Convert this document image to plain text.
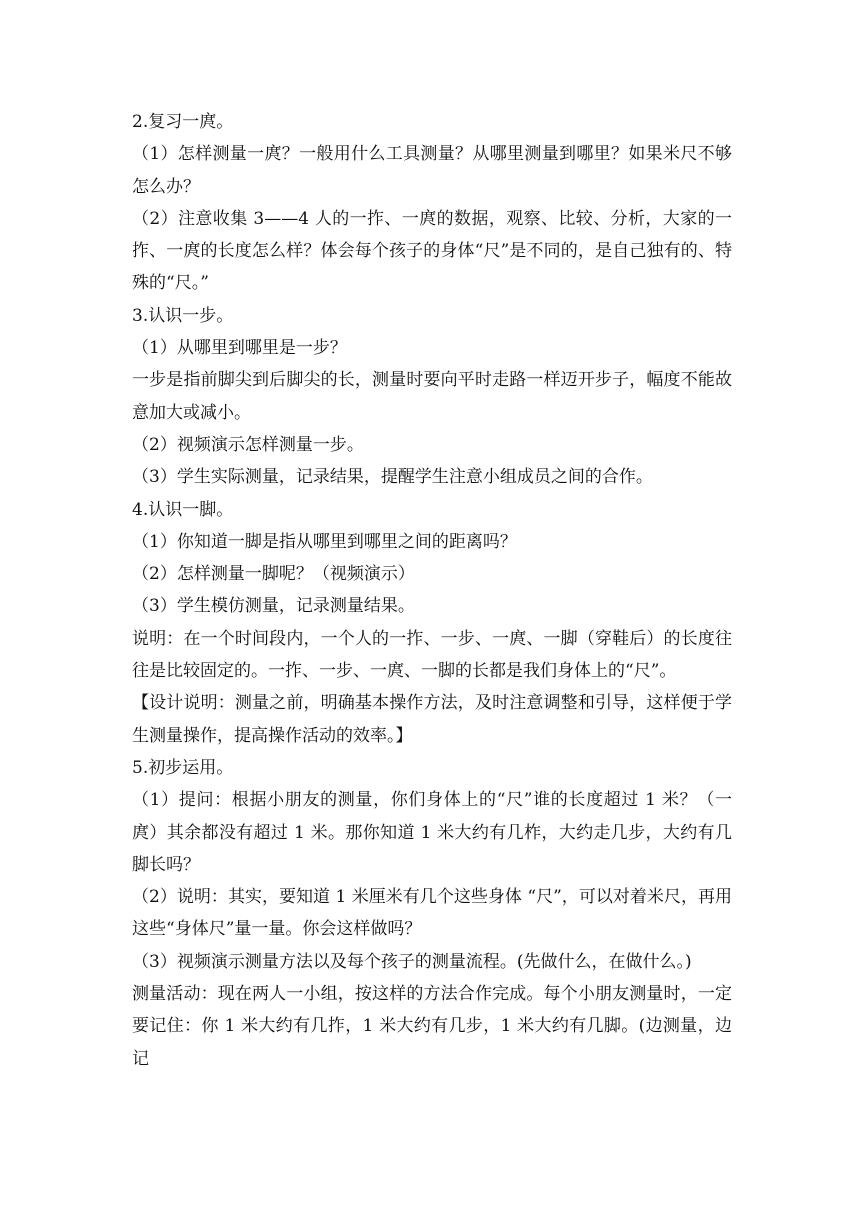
2.复习一庹。

（1）怎样测量一庹？一般用什么工具测量？从哪里测量到哪里？如果米尺不够怎么办？

（2）注意收集 3——4 人的一拃、一庹的数据，观察、比较、分析，大家的一拃、一庹的长度怎么样？体会每个孩子的身体“尺”是不同的，是自己独有的、特殊的“尺。”

3.认识一步。

（1）从哪里到哪里是一步？

一步是指前脚尖到后脚尖的长，测量时要向平时走路一样迈开步子，幅度不能故意加大或减小。

（2）视频演示怎样测量一步。

（3）学生实际测量，记录结果，提醒学生注意小组成员之间的合作。

4.认识一脚。

（1）你知道一脚是指从哪里到哪里之间的距离吗？

（2）怎样测量一脚呢？（视频演示）

（3）学生模仿测量，记录测量结果。

说明：在一个时间段内，一个人的一拃、一步、一庹、一脚（穿鞋后）的长度往往是比较固定的。一拃、一步、一庹、一脚的长都是我们身体上的“尺”。

【设计说明：测量之前，明确基本操作方法，及时注意调整和引导，这样便于学生测量操作，提高操作活动的效率。】

5.初步运用。

（1）提问：根据小朋友的测量，你们身体上的“尺”谁的长度超过 1 米？（一庹）其余都没有超过 1 米。那你知道 1 米大约有几柞，大约走几步，大约有几脚长吗？

（2）说明：其实，要知道 1 米厘米有几个这些身体 “尺”，可以对着米尺，再用这些“身体尺”量一量。你会这样做吗？

（3）视频演示测量方法以及每个孩子的测量流程。(先做什么，在做什么。)

测量活动：现在两人一小组，按这样的方法合作完成。每个小朋友测量时，一定要记住：你 1 米大约有几拃，1 米大约有几步，1 米大约有几脚。(边测量，边记
